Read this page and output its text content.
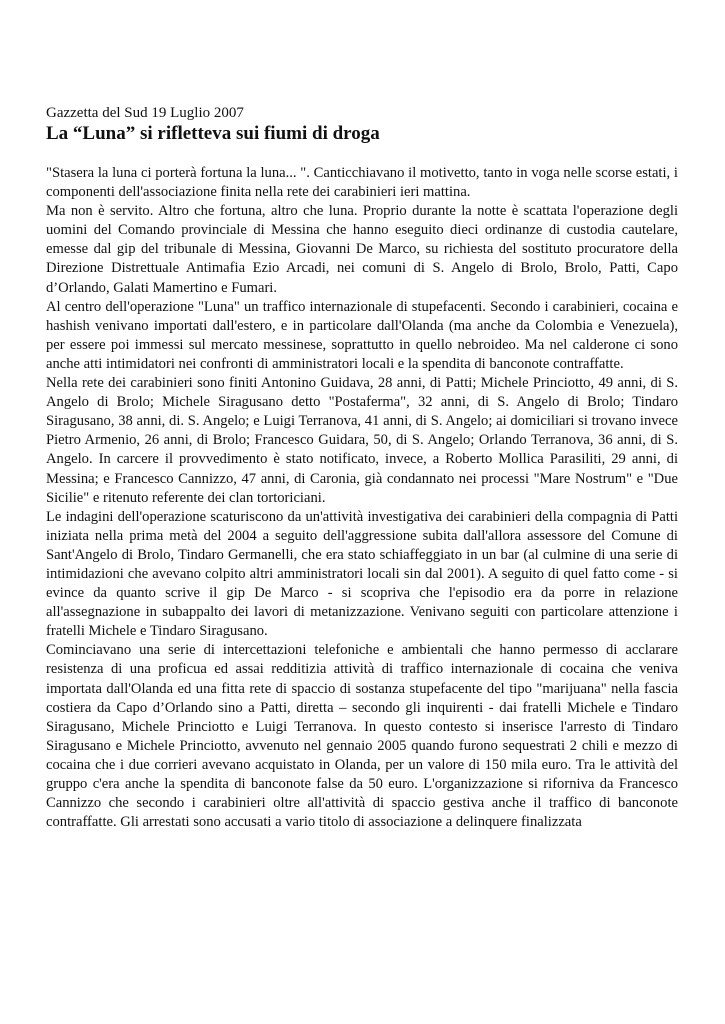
Gazzetta del Sud 19 Luglio 2007

La “Luna” si rifletteva sui fiumi di droga

"Stasera la luna ci porterà fortuna la luna... ". Canticchiavano il motivetto, tanto in voga nelle scorse estati, i componenti dell'associazione finita nella rete dei carabinieri ieri mattina.

Ma non è servito. Altro che fortuna, altro che luna. Proprio durante la notte è scattata l'operazione degli uomini del Comando provinciale di Messina che hanno eseguito dieci ordinanze di custodia cautelare, emesse dal gip del tribunale di Messina, Giovanni De Marco, su richiesta del sostituto procuratore della Direzione Distrettuale Antimafia Ezio Arcadi, nei comuni di S. Angelo di Brolo, Brolo, Patti, Capo d’Orlando, Galati Mamertino e Fumari.

Al centro dell'operazione "Luna" un traffico internazionale di stupefacenti. Secondo i carabinieri, cocaina e hashish venivano importati dall'estero, e in particolare dall'Olanda (ma anche da Colombia e Venezuela), per essere poi immessi sul mercato messinese, soprattutto in quello nebroideo. Ma nel calderone ci sono anche atti intimidatori nei confronti di amministratori locali e la spendita di banconote contraffatte.

Nella rete dei carabinieri sono finiti Antonino Guidava, 28 anni, di Patti; Michele Princiotto, 49 anni, di S. Angelo di Brolo; Michele Siragusano detto "Postaferma", 32 anni, di S. Angelo di Brolo; Tindaro Siragusano, 38 anni, di. S. Angelo; e Luigi Terranova, 41 anni, di S. Angelo; ai domiciliari si trovano invece Pietro Armenio, 26 anni, di Brolo; Francesco Guidara, 50, di S. Angelo; Orlando Terranova, 36 anni, di S. Angelo. In carcere il provvedimento è stato notificato, invece, a Roberto Mollica Parasiliti, 29 anni, di Messina; e Francesco Cannizzo, 47 anni, di Caronia, già condannato nei processi "Mare Nostrum" e "Due Sicilie" e ritenuto referente dei clan tortoriciani.

Le indagini dell'operazione scaturiscono da un'attività investigativa dei carabinieri della compagnia di Patti iniziata nella prima metà del 2004 a seguito dell'aggressione subita dall'allora assessore del Comune di Sant'Angelo di Brolo, Tindaro Germanelli, che era stato schiaffeggiato in un bar (al culmine di una serie di intimidazioni che avevano colpito altri amministratori locali sin dal 2001). A seguito di quel fatto come - si evince da quanto scrive il gip De Marco - si scopriva che l'episodio era da porre in relazione all'assegnazione in subappalto dei lavori di metanizzazione. Venivano seguiti con particolare attenzione i fratelli Michele e Tindaro Siragusano.

Cominciavano una serie di intercettazioni telefoniche e ambientali che hanno permesso di acclarare resistenza di una proficua ed assai redditizia attività di traffico internazionale di cocaina che veniva importata dall'Olanda ed una fitta rete di spaccio di sostanza stupefacente del tipo "marijuana" nella fascia costiera da Capo d’Orlando sino a Patti, diretta – secondo gli inquirenti - dai fratelli Michele e Tindaro Siragusano, Michele Princiotto e Luigi Terranova. In questo contesto si inserisce l'arresto di Tindaro Siragusano e Michele Princiotto, avvenuto nel gennaio 2005 quando furono sequestrati 2 chili e mezzo di cocaina che i due corrieri avevano acquistato in Olanda, per un valore di 150 mila euro. Tra le attività del gruppo c'era anche la spendita di banconote false da 50 euro. L'organizzazione si riforniva da Francesco Cannizzo che secondo i carabinieri oltre all'attività di spaccio gestiva anche il traffico di banconote contraffatte. Gli arrestati sono accusati a vario titolo di associazione a delinquere finalizzata
